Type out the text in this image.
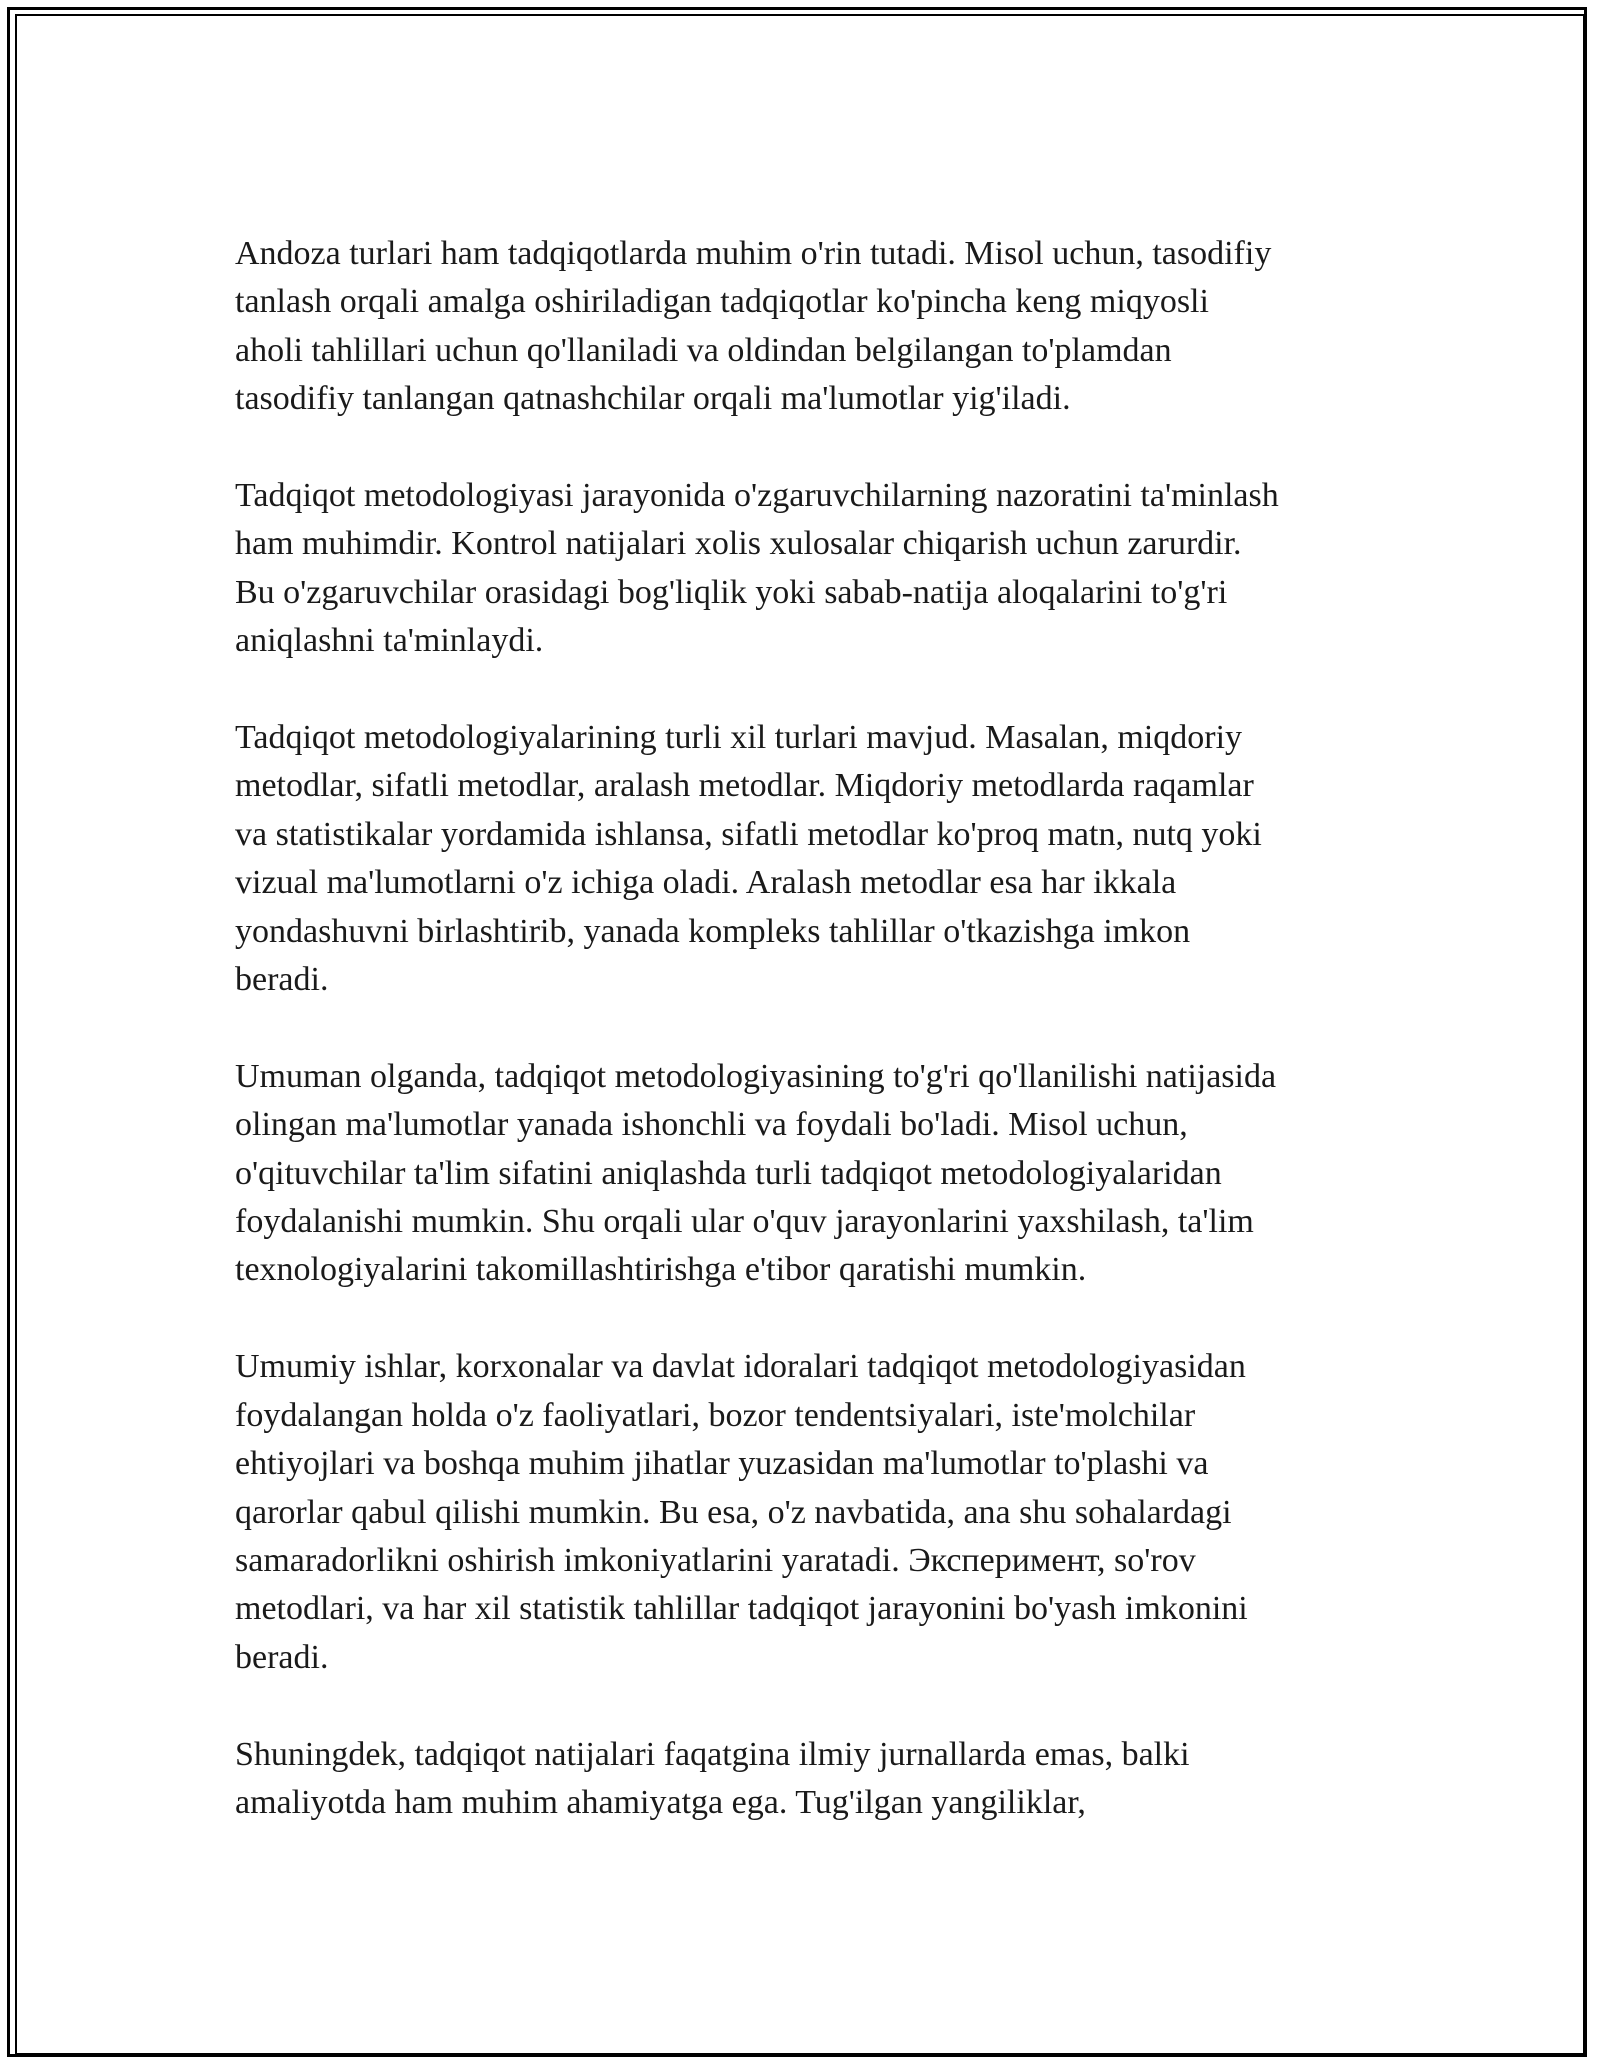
Andoza turlari ham tadqiqotlarda muhim o'rin tutadi. Misol uchun, tasodifiy
tanlash orqali amalga oshiriladigan tadqiqotlar ko'pincha keng miqyosli
aholi tahlillari uchun qo'llaniladi va oldindan belgilangan to'plamdan
tasodifiy tanlangan qatnashchilar orqali ma'lumotlar yig'iladi.

Tadqiqot metodologiyasi jarayonida o'zgaruvchilarning nazoratini ta'minlash
ham muhimdir. Kontrol natijalari xolis xulosalar chiqarish uchun zarurdir.
Bu o'zgaruvchilar orasidagi bog'liqlik yoki sabab-natija aloqalarini to'g'ri
aniqlashni ta'minlaydi.

Tadqiqot metodologiyalarining turli xil turlari mavjud. Masalan, miqdoriy
metodlar, sifatli metodlar, aralash metodlar. Miqdoriy metodlarda raqamlar
va statistikalar yordamida ishlansa, sifatli metodlar ko'proq matn, nutq yoki
vizual ma'lumotlarni o'z ichiga oladi. Aralash metodlar esa har ikkala
yondashuvni birlashtirib, yanada kompleks tahlillar o'tkazishga imkon
beradi.

Umuman olganda, tadqiqot metodologiyasining to'g'ri qo'llanilishi natijasida
olingan ma'lumotlar yanada ishonchli va foydali bo'ladi. Misol uchun,
o'qituvchilar ta'lim sifatini aniqlashda turli tadqiqot metodologiyalaridan
foydalanishi mumkin. Shu orqali ular o'quv jarayonlarini yaxshilash, ta'lim
texnologiyalarini takomillashtirishga e'tibor qaratishi mumkin.

Umumiy ishlar, korxonalar va davlat idoralari tadqiqot metodologiyasidan
foydalangan holda o'z faoliyatlari, bozor tendentsiyalari, iste'molchilar
ehtiyojlari va boshqa muhim jihatlar yuzasidan ma'lumotlar to'plashi va
qarorlar qabul qilishi mumkin. Bu esa, o'z navbatida, ana shu sohalardagi
samaradorlikni oshirish imkoniyatlarini yaratadi. Эксперимент, so'rov
metodlari, va har xil statistik tahlillar tadqiqot jarayonini bo'yash imkonini
beradi.

Shuningdek, tadqiqot natijalari faqatgina ilmiy jurnallarda emas, balki
amaliyotda ham muhim ahamiyatga ega. Tug'ilgan yangiliklar,
